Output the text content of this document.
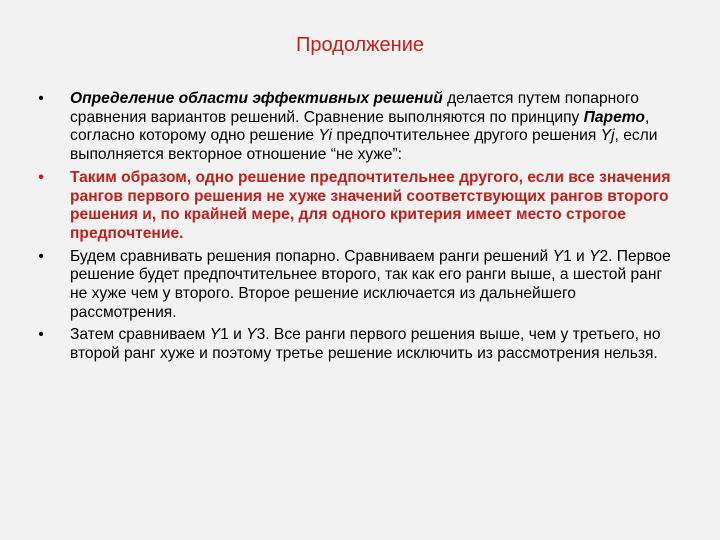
Продолжение
• Определение области эффективных решений делается путем попарного сравнения вариантов решений. Сравнение выполняются по принципу Парето, согласно которому одно решение Yi предпочтительнее другого решения Yj, если выполняется векторное отношение “не хуже”:
• Таким образом, одно решение предпочтительнее другого, если все значения рангов первого решения не хуже значений соответствующих рангов второго решения и, по крайней мере, для одного критерия имеет место строгое предпочтение.
• Будем сравнивать решения попарно. Сравниваем ранги решений Y1 и Y2. Первое решение будет предпочтительнее второго, так как его ранги выше, а шестой ранг не хуже чем у второго. Второе решение исключается из дальнейшего рассмотрения.
• Затем сравниваем Y1 и Y3. Все ранги первого решения выше, чем у третьего, но второй ранг хуже и поэтому третье решение исключить из рассмотрения нельзя.
